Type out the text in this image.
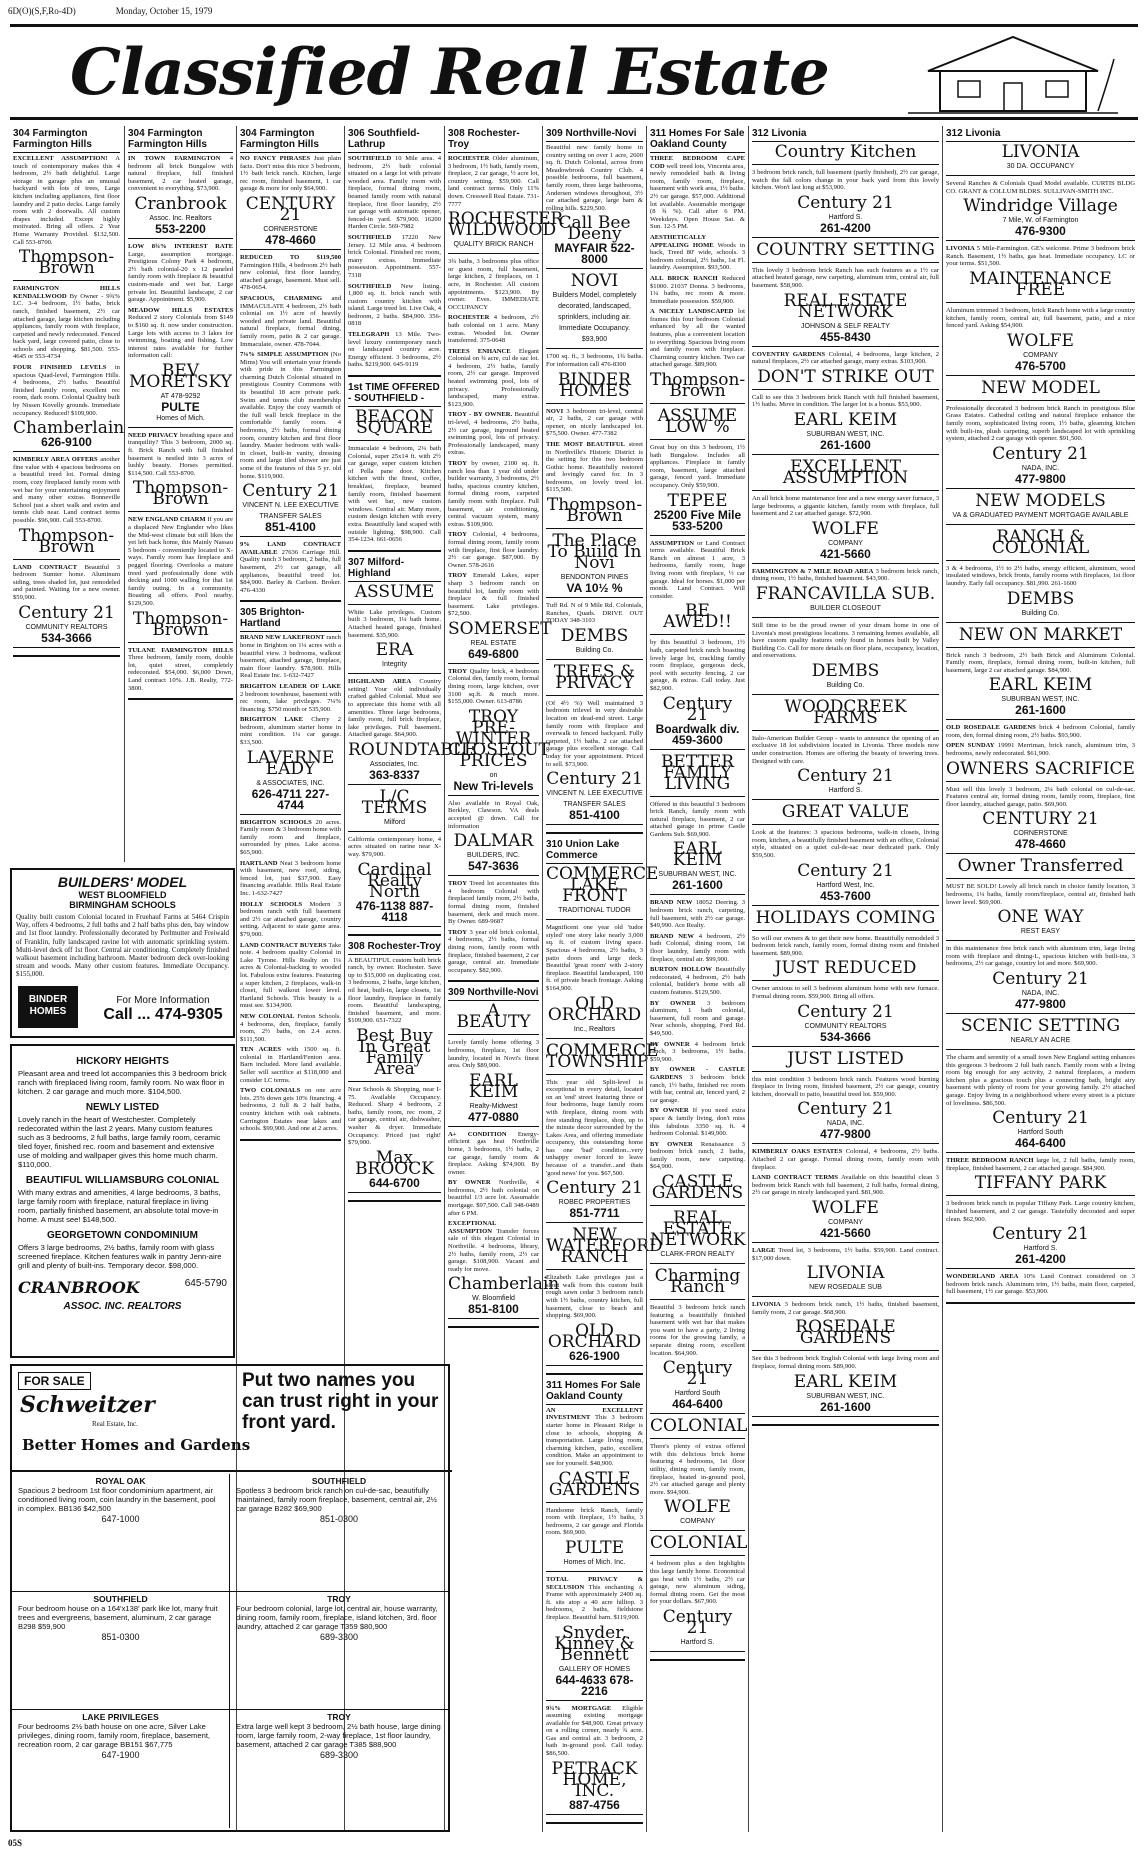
6D(O)(S,F,Ro-4D)	Monday, October 15, 1979
Classified Real Estate
304 Farmington
Farmington Hills
EXCELLENT ASSUMPTION! A touch of contemporary makes this 4 bedroom, 2½ bath delightful. Large storage in garage plus an unusual backyard with lots of trees, Large kitchen including appliances, first floor laundry and 2 patio decks. Large family room with 2 doorwalls. All custom drapes included. Except highly motivated. Bring all offers. 2 Year Home Warranty Provided. $132,500. Call 553-8700.
Thompson-Brown
FARMINGTON HILLS KENDALLWOOD By Owner - 9¾% LC. 3-4 bedroom, 1½ baths, brick ranch, finished basement, 2½ car attached garage, large kitchen including appliances, family room with fireplace, carpeted and newly redecorated. Fenced back yard, large covered patio, close to schools and shopping. $81,500. 553-4645 or 553-4734
FOUR FINISHED LEVELS in spacious Quad-level, Farmington Hills. 4 bedrooms, 2½ baths. Beautiful finished family room, excellent rec room, dark room. Colonial Quality built by Nissen Kovelly grounds. Immediate occupancy. Reduced! $109,900.
Chamberlain
626-9100
KIMBERLY AREA OFFERS another fine value with 4 spacious bedrooms on a beautiful treed lot. Formal dining room, cozy fireplaced family room with wet bar for your entertaining enjoyment and many other extras. Bonneville School just a short walk and swim and tennis club near. Land contract terms possible. $96,900. Call 553-8700.
Thompson-Brown
LAND CONTRACT Beautiful 3 bedroom Sumter home. Aluminum siding, trees shaded lot, just remodeled and painted. Waiting for a new owner. $59,900.
Century 21
COMMUNITY REALTORS
534-3666
304 Farmington
Farmington Hills
IN TOWN FARMINGTON 4 bedroom all brick Bungalow with natural fireplace, full finished basement, 2 car heated garage, convenient to everything. $73,900.
Cranbrook
Assoc. Inc. Realtors
553-2200
LOW 8¾% INTEREST RATE Large, assumption mortgage. Prestigious Colony Park 4 bedroom, 2½ bath colonial-20 x 12 paneled family room with fireplace & beautiful custom-made and wet bar. Large private lot. Beautiful landscape, 2 car garage. Appointment. $5,900.
MEADOW HILLS ESTATES Reduced 2 story Colonials from $149 to $160 sq. ft. now under construction. Large lots with access to 3 lakes for swimming, boating and fishing. Low interest rates available for further information call:
BEV MORETSKY
AT 478-9292
PULTE
Homes of Mich.
NEED PRIVACY breathing space and tranquility? This 3 bedroom, 2000 sq. ft. Brick Ranch with full finished basement is nestled into 3 acres of lushly beauty. Horses permitted. $114,500. Call 553-8700.
Thompson-Brown
NEW ENGLAND CHARM If you are a displaced New Englander who likes the Mid-west climate but still likes the yet left back home, this Mainly Nassau 5 bedroom - conveniently located to X-ways. Family room has fireplace and pegged flooring. Overlooks a mature treed yard professionally done with decking and 1000 walling for that 1st family outing. In a community. Boasting all offers. Pool nearby. $129,500.
Thompson-Brown
TULANE FARMINGTON HILLS Three bedroom, family room, double lot, quiet street, completely redecorated. $54,000. $6,000 Down, Land contract 10%. J.B. Realty, 772-3800.
304 Farmington
Farmington Hills
NO FANCY PHRASES Just plain facts. Don't miss this nice 3 bedroom, 1½ bath brick ranch. Kitchen, large rec room, finished basement, 1 car garage & more for only $64,900.
CENTURY 21
CORNERSTONE
478-4660
REDUCED TO $119,500 Farmington Hills, 4 bedroom 2½ bath new colonial, first floor laundry, attached garage, basement. Must sell. 478-0654.
SPACIOUS, CHARMING and IMMACULATE 4 bedroom, 2½ bath colonial on 1½ acre of heavily wooded and private land. Beautiful natural fireplace, formal dining, family room, patio & 2 car garage. Immaculate, owner. 478-7044.
7⅛% SIMPLE ASSUMPTION (No Mims) You will entertain your friends with pride in this Farmington charming Dutch Colonial situated in prestigious Country Commons with its beautiful 18 acre private park. Swim and tennis club membership available. Enjoy the cozy warmth of the full wall brick fireplace in the comfortable family room. 4 bedrooms, 2½ baths, formal dining room, country kitchen and first floor laundry. Master bedroom with walk-in closet, built-in vanity, dressing room and large tiled shower are just some of the features of this 5 yr. old home. $119,900.
Century 21
VINCENT N. LEE EXECUTIVE TRANSFER SALES
851-4100
9% LAND CONTRACT AVAILABLE 27636 Carriage Hill. Quality ranch 3 bedroom, 2 baths, full basement, 2½ car garage, all appliances, beautiful treed lot. $84,900. Barley & Carlson. Broker. 476-4330
305 Brighton-Hartland
BRAND NEW LAKEFRONT ranch home in Brighton on 1¼ acres with a beautiful view. 3 bedrooms, walkout basement, attached garage, fireplace, main floor laundry. $78,900. Hills Real Estate Inc. 1-632-7427
BRIGHTON LEADER OF LAKE 2 bedroom townhouse, basement with rec room, lake privileges. 7¼% financing. $750 month or 535,900.
BRIGHTON LAKE Cherry 2 bedroom, aluminum starter home in mint condition. 1¼ car garage. $33,500.
LAVERNE EADY
& ASSOCIATES, INC.
626-4711 227-4744
BRIGHTON SCHOOLS 20 acres. Family room & 3 bedroom home with family room and fireplace, surrounded by pines. Lake access. $65,900.
HARTLAND Neat 3 bedroom home with basement, new roof, siding, fenced lot, just $37,900. Easy financing available. Hills Real Estate Inc. 1-632-7427
HOLLY SCHOOLS Modern 3 bedroom ranch with full basement and 2½ car attached garage, country setting. Adjacent to state game area. $79,900.
LAND CONTRACT BUYERS Take note. 4 bedroom quality Colonial in Lake Tyrone. Hills Realty on 1¼ acres & Colonial-backing to wooded lot. Fabulous extra features. Featuring a super kitchen, 2 fireplaces, walk-in closet, full walkout lower level. Hartland Schools. This beauty is a must see. $134,900.
NEW COLONIAL Fenton Schools. 4 bedrooms, den, fireplace, family room, 2½ baths, on 2.4 acres. $111,500.
TEN ACRES with 1500 sq. ft. colonial in Hartland/Fenton area. Barn included. More land available. Seller will sacrifice at $118,000 and consider LC terms.
TWO COLONIALS on one acre lots. 25% down gets 10% financing. 4 bedrooms, 2 full & 2 half baths, country kitchen with oak cabinets. Carrington Estates near lakes and schools. $99,900. And one at 2 acres.
306 Southfield-Lathrup
SOUTHFIELD 10 Mile area. 4 bedroom, 2½ bath colonial situated on a large lot with private wooded area. Family room with fireplace, formal dining room, beamed family room with natural fireplace, first floor laundry, 2½ car garage with automatic opener, fenced-in yard. $79,900. 16200 Harden Circle. 569-7982
SOUTHFIELD 17220 New Jersey. 12 Mile area. 4 bedroom brick Colonial. Finished rec room, many extras. Immediate possession. Appointment. 557-7318
SOUTHFIELD New listing. 1,800 sq. ft. brick ranch with custom country kitchen with island. Large treed lot. Live Oak, 4 bedroom, 2 baths. $84,900. 356-0818
TELEGRAPH 13 Mile. Two-level luxury contemporary ranch on landscaped country acre. Energy efficient. 3 bedrooms, 2½ baths. $219,900. 645-9119
1st TIME OFFERED - SOUTHFIELD -
BEACON SQUARE
Immaculate 4 bedroom, 2¼ bath Colonial, super 25x14 ft. with 2½ car garage, super custom kitchen of Pella pane door. Kitchen kitchen with the finest, coffee, breakfast, fireplace, beamed family room, finished basement with wet bar, new custom windows. Central air. Many more, custom design kitchen with every extra. Beautifully land scaped with outside lighting. $98,900. Call 354-1234. 661-0656
307 Milford-Highland
ASSUME
White Lake privileges. Custom built 3 bedroom, 1¼ bath home. Attached heated garage, finished basement. $35,900.
ERA
Integrity
HIGHLAND AREA Country setting! Your old individually crafted gabled Colonial. Must see to appreciate this home with all amenities. Three large bedrooms, family room, full brick fireplace, lake privileges. Full basement. Attached garage. $64,900.
ROUNDTABLE
Associates, Inc.
363-8337
L/C TERMS
Milford
California contemporary home, 4 acres situated on rarine near X-way. $79,900.
Cardinal Realty North
476-1138 887-4118
308 Rochester-Troy
A BEAUTIFUL custom built brick ranch, by owner. Rochester. Save up to $15,000 on duplicating cost. 3 bedrooms, 2 baths, large kitchen, oil heat, built-in, large closets, 1st floor laundry, fireplace in family room. Beautiful landscaping, finished basement, and more. $109,900. 651-7322
Best Buy In Great Family Area
Near Schools & Shopping, near I-75. Available Occupancy. Reduced. Sharp 4 bedroom, 2 baths, family room, rec room, 2 car garage, central air, dishwasher, washer & dryer. Immediate Occupancy. Priced just right! $79,900.
Max BROOCK
644-6700
308 Rochester-Troy
ROCHESTER Older aluminum, 3 bedroom, 1½ bath, family room, fireplace, 2 car garage, ½ acre lot, country setting. $59,900. Call land contract terms. Only 11% down. Cresswell Real Estate. 731-7777
ROCHESTER WILDWOOD
QUALITY BRICK RANCH
3¾ baths, 3 bedrooms plus office or guest room, full basement, large kitchen, 2 fireplaces, on 1 acre, in Rochester. All custom appointments. $123,900. By owner. Eves. IMMEDIATE OCCUPANCY
ROCHESTER 4 bedroom, 2½ bath colonial on 1 acre. Many extras. Wooded lot. Owner transferred. 375-0648
TREES ENHANCE Elegant Colonial on ¾ acre, cul de sac lot. 4 bedroom, 2½ baths, family room, 2½ car garage. Improved heated swimming pool, lots of privacy. Professionally landscaped, many extras. $123,900.
TROY - BY OWNER. Beautiful tri-level, 4 bedrooms, 2½ baths, 2½ car garage, inground heated swimming pool, lots of privacy. Professionally landscaped, many extras.
TROY by owner, 2100 sq. ft. ranch less than 1 year old under builder warranty, 3 bedrooms, 2½ baths, spacious country kitchen, formal dining room, carpeted family room with fireplace. Full basement, air conditioning, central vacuum system, many extras. $109,900.
TROY Colonial, 4 bedrooms, formal dining room, family room with fireplace, first floor laundry. 2½ car garage. $87,900. By Owner. 578-2616
TROY Emerald Lakes, super sharp 3 bedroom ranch on beautiful lot, family room with fireplace & full finished basement. Lake privileges. $72,500.
SOMERSET
REAL ESTATE
649-6800
TROY Quality brick, 4 bedroom Colonial den, family room, formal dining room, large kitchen, over 3100 sq.ft. & much more. $155,000. Owner. 613-8786
TROY PRE-WINTER CLOSEOUT PRICES
on
New Tri-levels
Also available in Royal Oak, Berkley, Clawson. VA deals accepted @ down. Call for information
DALMAR
BUILDERS, INC.
547-3636
TROY Treed lot accentuates this 4 bedroom Colonial with fireplaced family room, 2½ baths, formal dining room, finished basement, deck and much more. By Owner. 689-9687
TROY 3 year old brick colonial, 4 bedrooms, 2½ baths, formal dining room, family room with fireplace, finished basement, 2 car garage, central air. Immediate occupancy. $82,900.
309 Northville-Novi
A BEAUTY
Lovely family home offering 3 bedrooms, fireplace, 1st floor laundry, located in Novi's finest area. Only $89,900.
EARL KEIM
Realty-Midwest
477-0880
A+ CONDITION Energy-efficient gas heat Northville home, 3 bedrooms, 1½ baths, 2 car garage, family room & fireplace. Asking $74,900. By owner.
BY OWNER Northville, 4 bedrooms, 2½ bath colonial on beautiful 1/3 acre lot. Assumable mortgage. $97,500. Call 348-0489 after 6 PM.
EXCEPTIONAL ASSUMPTION Transfer forces sale of this elegant Colonial in Northville. 4 bedrooms, library, 2½ baths, family room, 2½ car garage. $108,900. Vacant and ready for move.
Chamberlain
W. Bloomfield
851-8100
309 Northville-Novi
Beautiful new family home in country setting on over 1 acre, 2600 sq. ft. Dutch Colonial, across from Meadowbrook Country Club. 4 possible bedrooms, full basement, family room, three large bathrooms, Andersen windows throughout, 3½ car attached garage, large barn & rolling hills. $229,500.
Call Bee Deeny
MAYFAIR 522-8000
NOVI
Builders Model, completely decorated, landscaped, sprinklers, including air. Immediate Occupancy. $93,900
1700 sq. ft., 3 bedrooms, 1¾ baths. For information call 476-8300
BINDER HOMES
NOVI 3 bedroom tri-level, central air, 2 baths, 2 car garage with opener, on nicely landscaped lot. $75,500. Owner. 477-7382
THE MOST BEAUTIFUL street in Northville's Historic District is the setting for this two bedroom Gothic home. Beautifully restored and lovingly cared for. In 3 bedrooms, on lovely treed lot. $115,500.
Thompson-Brown
The Place To Build In Novi
BENDONTON PINES
VA 10½ %
Tuff Rd. N of 9 Mile Rd. Colonials, Ranches, Quads. DRIVE OUT TODAY 348-3103
DEMBS
Building Co.
TREES & PRIVACY
(Of 4½ %) Well maintained 3 bedroom trilevel in very desirable location on dead-end street. Large family room with fireplace and overwalk to fenced backyard. Fully carpeted, 1½ baths. 2 car attached garage plus excellent storage. Call today for your appointment. Priced to sell. $73,900.
Century 21
VINCENT N. LEE EXECUTIVE TRANSFER SALES
851-4100
310 Union Lake
Commerce
COMMERCE LAKE FRONT
TRADITIONAL TUDOR
Magnificent one year old 'tudor styled' one story lake nearly 3,000 sq. ft. of custom living space. Spacious 4 bedrooms, 2½ baths, 3 patio doors and large deck. Beautiful 'great room' with 2-story fireplace. Beautiful landscaped, 190 ft. of private beach frontage. Asking $164,900.
OLD ORCHARD
Inc., Realtors
COMMERCE TOWNSHIP
This year old Split-level is exceptional in every detail, located on an 'end' street featuring three or four bedrooms, huge family room with fireplace, dining room with free standing fireplace, shop, up to the minute decor surrounded by the Lakes Area, and offering immediate occupancy, this outstanding home has one 'bad' condition...very unhappy owner forced to leave because of a transfer...and thats 'good news' for you. $67,500.
Century 21
ROBEC PROPERTIES
851-7711
NEW WATERFORD RANCH
Elizabeth Lake privileges just a short walk from this custom built rough sawn cedar 3 bedroom ranch with 1½ baths, country kitchen, full basement, close to beach and shopping. $69,900.
OLD ORCHARD
626-1900
311 Homes For Sale
Oakland County
AN EXCELLENT INVESTMENT This 3 bedroom starter home in Pleasant Ridge is close to schools, shopping & transportation. Large living room, charming kitchen, patio, excellent condition. Make an appointment to see for yourself. $48,900.
CASTLE GARDENS
Handsome brick Ranch, family room with fireplace, 1½ baths, 3 bedrooms, 2 car garage and Florida room. $69,900.
PULTE
Homes of Mich. Inc.
TOTAL PRIVACY & SECLUSION This enchanting A Frame with approximately 2400 sq. ft. sits atop a 40 acre hilltop. 3 bedrooms, 2 baths, fieldstone fireplace. Beautiful barn. $119,900.
Snyder, Kinney & Bennett
GALLERY OF HOMES
644-4633 678-2216
9¾% MORTGAGE Eligible assuming existing mortgage available for $48,900. Great privacy on a rolling corner, nearly ¾ acre. Gas and central air. 3 bedroom, 2 bath in-ground pool. Call today. $86,500.
PETRACK HOME, INC.
887-4756
311 Homes For Sale
Oakland County
THREE BEDROOM CAPE COD well treed lots, Vincenta area, newly remodeled bath & living room, family room, fireplace, basement with work area, 1½ baths. 2½ car garage. $57,000. Additional lot available. Assumable mortgage (8 ¾ %). Call after 6 PM. Weekdays. Open House Sat. & Sun. 12-5 PM.
AESTHETICALLY APPEALING HOME Woods in back, Treed 80' wide, schools. 3 bedroom colonial, 2½ baths, 1st Fl. laundry. Assumption. $93,500.
ALL BRICK RANCH Reduced $1000. 21037 Donna. 3 bedrooms, 1¼ baths, rec room & more. Immediate possession. $59,900.
A NICELY LANDSCAPED lot frames this four bedroom Colonial enhanced by all the wanted features, plus a convenient location to everything. Spacious living room and family room with fireplace. Charming country kitchen. Two car attached garage. $89,900.
Thompson-Brown
ASSUME LOW %
Great buy on this 3 bedroom, 1½ bath Bungalow. Includes all appliances. Fireplace in family room, basement, large attached garage, fenced yard. Immediate occupancy. Only $59,900.
TEPEE
25200 Five Mile 533-5200
ASSUMPTION or Land Contract terms available. Beautiful Brick Ranch on almost 1 acre, 3 bedrooms, family room, huge living room with fireplace, ½ car garage. Ideal for horses. $1,000 per month. Land Contract. Will consider.
BE AWED!!
by this beautiful 3 bedroom, 1½ bath, carpeted brick ranch boasting lovely large lot, crackling family room fireplace, gorgeous deck, pool with security fencing, 2 car garage, & extras. Call today. Just $82,900.
Century 21
Boardwalk div. 459-3600
BETTER FAMILY LIVING
Offered in this beautiful 3 bedroom brick Ranch, family room with natural fireplace, basement, 2 car attached garage in prime Castle Gardens Sub. $69,900.
EARL KEIM
SUBURBAN WEST, INC.
261-1600
BRAND NEW 18052 Deering. 3 bedroom brick ranch, carpeting, full basement, with 2½ car garage. $49,990. Ace Realty.
BRAND NEW 4 bedroom, 2½ bath Colonial, dining room, 1st floor laundry, family room with fireplace, central air. $99,900.
BURTON HOLLOW Beautifully redecorated, 4 bedroom, 2½ bath colonial, builder's home with all custom features. $129,500.
BY OWNER 3 bedroom aluminum, 1 bath colonial, basement, full room and garage. Near schools, shopping, Ford Rd. $49,500.
BY OWNER 4 bedroom brick ranch, 3 bedrooms, 1½ baths. $59,900.
BY OWNER - CASTLE GARDENS 3 bedroom brick ranch, 1½ baths, finished rec room with bar, central air, fenced yard, 2 car garage.
BY OWNER If you need extra space & family living, don't miss this fabulous 3350 sq. ft. 4 bedroom Colonial. $149,900.
BY OWNER Renaissance 3 bedroom brick ranch, 2 baths, family room, new carpeting. $64,900.
CASTLE GARDENS
REAL ESTATE NETWORK
CLARK-FRON REALTY
Charming Ranch
Beautiful 3 bedroom brick ranch featuring a beautifully finished basement with wet bar that makes you want to have a party, 2 living rooms for the growing family, a separate dining room, excellent location. $64,900.
Century 21
Hartford South
464-6400
COLONIAL
There's plenty of extras offered with this delicious brick home featuring 4 bedrooms, 1st floor utility, dining room, family room, fireplace, heated in-ground pool, 2½ car attached garage and plenty more. $94,900.
WOLFE
COMPANY
COLONIAL
4 bedroom plus a den highlights this large family home. Economical gas heat with 1½ baths, 2½ car garage, new aluminum siding, formal dining room. Get the most for your dollars. $67,900.
Century 21
Hartford S.
312 Livonia
Country Kitchen
3 bedroom brick ranch, full basement (partly finished), 2½ car garage, watch the fall colors change in your back yard from this lovely kitchen. Won't last long at $53,900.
Century 21
Hartford S.
261-4200
COUNTRY SETTING
This lovely 3 bedroom brick Ranch has such features as a 1½ car attached heated garage, new carpeting, aluminum trim, central air, full basement. $58,900.
REAL ESTATE NETWORK
JOHNSON & SELF REALTY
455-8430
COVENTRY GARDENS Colonial, 4 bedrooms, large kitchen, 2 natural fireplaces, 2½ car attached garage, many extras. $103,900.
DON'T STRIKE OUT
Call to see this 3 bedroom brick Ranch with full finished basement, 1½ baths. Move in condition. The larger lot is a bonus. $53,900.
EARL KEIM
SUBURBAN WEST, INC.
261-1600
EXCELLENT ASSUMPTION
An all brick home maintenance free and a new energy saver furnace, 3 large bedrooms, a gigantic kitchen, family room with fireplace, full basement and 2 car attached garage. $72,900.
WOLFE
COMPANY
421-5660
FARMINGTON & 7 MILE ROAD AREA 3 bedroom brick ranch, dining room, 1½ baths, finished basement. $43,900.
FRANCAVILLA SUB.
BUILDER CLOSEOUT
Still time to be the proud owner of your dream home in one of Livonia's most prestigious locations. 3 remaining homes available, all have custom quality features only found in homes built by Valley Building Co. Call for more details on floor plans, occupancy, location, and reservations.
DEMBS
Building Co.
WOODCREEK FARMS
Italo-American Builder Group - wants to announce the opening of an exclusive 18 lot subdivision located in Livonia. Three models now under construction. Homes are offering the beauty of towering trees. Designed with care.
Century 21
Hartford S.
GREAT VALUE
Look at the features: 3 spacious bedrooms, walk-in closets, living room, kitchen, a beautifully finished basement with an office, Colonial style, situated on a quiet cul-de-sac near dedicated park. Only $59,500.
Century 21
Hartford West, Inc.
453-7600
HOLIDAYS COMING
So will our owners & to get their new home. Beautifully remodeled 3 bedroom brick ranch, family room, formal dining room and finished basement. $89,900.
JUST REDUCED
Owner anxious to sell 3 bedroom aluminum home with new furnace. Formal dining room. $59,900. Bring all offers.
Century 21
COMMUNITY REALTORS
534-3666
JUST LISTED
this mint condition 3 bedroom brick ranch. Features wood burning fireplace in living room, finished basement, 2½ car garage, country kitchen, doorwall to patio, beautiful treed lot. $59,900.
Century 21
NADA, INC.
477-9800
KIMBERLY OAKS ESTATES Colonial, 4 bedrooms, 2½ baths. Attached 2 car garage. Formal dining room, family room with fireplace.
LAND CONTRACT TERMS Available on this beautiful clean 3 bedroom brick Ranch with full basement, 2 full baths, formal dining, 2½ car garage in nicely landscaped yard. $81,900.
WOLFE
COMPANY
421-5660
LARGE Treed lot, 3 bedrooms, 1½ baths. $59,900. Land contract. $17,000 down.
LIVONIA
NEW ROSEDALE SUB
LIVONIA 3 bedroom brick ranch, 1½ baths, finished basement, family room, 2 car garage. $68,900.
ROSEDALE GARDENS
See this 3 bedroom brick English Colonial with large living room and fireplace, formal dining room. $89,900.
EARL KEIM
SUBURBAN WEST, INC.
261-1600
312 Livonia
LIVONIA
30 DA. OCCUPANCY
Several Ranches & Colonials Quad Model available. CURTIS BLDG CO. GRANT & COLLUM BLDRS. SULLIVAN-SMITH INC.
Windridge Village
7 Mile, W. of Farmington
476-9300
LIVONIA 5 Mile-Farmington. GE's welcome. Prime 3 bedroom brick Ranch. Basement, 1½ baths, gas heat. Immediate occupancy. LC or your terms. $51,500.
MAINTENANCE FREE
Aluminum trimmed 3 bedroom, brick Ranch home with a large country kitchen, family room, central air, full basement, patio, and a nice fenced yard. Asking $54,900.
WOLFE
COMPANY
476-5700
NEW MODEL
Professionally decorated 3 bedroom brick Ranch in prestigious Blue Grass Estates. Cathedral ceiling and natural fireplace enhance the family room, sophisticated living room, 1½ baths, gleaming kitchen with built-ins, plush carpeting, superb landscaped lot with sprinkling system, attached 2 car garage with opener. $91,500.
Century 21
NADA, INC.
477-9800
NEW MODELS
VA & GRADUATED PAYMENT MORTGAGE AVAILABLE
RANCH & COLONIAL
3 & 4 bedrooms, 1½ to 2½ baths, energy efficient, aluminum, wood insulated windows, brick fronts, family rooms with fireplaces, 1st floor laundry. Early fall occupancy. $81,990. 261-1600
DEMBS
Building Co.
NEW ON MARKET
Brick ranch 3 bedroom, 2½ bath Brick and Aluminum Colonial. Family room, fireplace, formal dining room, built-in kitchen, full basement, large 2 car attached garage. $84,900.
EARL KEIM
SUBURBAN WEST, INC.
261-1600
OLD ROSEDALE GARDENS brick 4 bedroom Colonial, family room, den, formal dining room, 2½ baths. $93,900.
OPEN SUNDAY 19991 Merriman, brick ranch, aluminum trim, 3 bedrooms, newly redecorated. $61,900.
OWNERS SACRIFICE
Must sell this lovely 3 bedroom, 2¼ bath colonial on cul-de-sac. Features central air, formal dining room, family room, fireplace, first floor laundry, attached garage, patio. $69,900.
CENTURY 21
CORNERSTONE
478-4660
Owner Transferred
MUST BE SOLD! Lovely all brick ranch in choice family location, 3 bedrooms, 1¼ baths, family room/fireplace, central air, finished bath lower level. $69,900.
ONE WAY
REST EASY
in this maintenance free brick ranch with aluminum trim, large living room with fireplace and dining-L, spacious kitchen with built-ins, 3 bedrooms, 2½ car garage, country lot and more. $69,900.
Century 21
NADA, INC.
477-9800
SCENIC SETTING
NEARLY AN ACRE
The charm and serenity of a small town New England setting enhances this gorgeous 3 bedroom 2 full bath ranch. Family room with a living room big enough for any activity, 2 natural fireplaces, a modern kitchen plus a gracious touch plus a connecting bath, bright airy basement with plenty of room for your growing family. 2½ attached garage. Enjoy living in a neighborhood where every street is a picture of loveliness. $86,500.
Century 21
Hartford South
464-6400
THREE BEDROOM RANCH large lot, 2 full baths, family room, fireplace, finished basement, 2 car attached garage. $84,900.
TIFFANY PARK
3 bedroom brick ranch in popular Tiffany Park. Large country kitchen, finished basement, and 2 car garage. Tastefully decorated and super clean. $62,900.
Century 21
Hartford S.
261-4200
WONDERLAND AREA 10% Land Contract considered on 3 bedroom brick ranch. Aluminum trim, 1½ baths, main floor, carpeted, full basement, 1½ car garage. $53,900.
BUILDERS' MODEL
WEST BLOOMFIELD
BIRMINGHAM SCHOOLS
Quality built custom Colonial located in Fruehauf Farms at 5464 Crispin Way, offers 4 bedrooms, 2 full baths and 2 half baths plus den, bay window and 1st floor laundry. Professionally decorated by Perlmutter and Freiwald of Franklin, fully landscaped ravine lot with automatic sprinkling system. Multi-level deck off 1st floor. Central air conditioning. Completely finished walkout basement including bathroom. Master bedroom deck over-looking stream and woods. Many other custom features. Immediate Occupancy. $155,000.
BINDER HOMES
For More Information
Call ... 474-9305
HICKORY HEIGHTS

Pleasant area and treed lot accompanies this 3 bedroom brick ranch with fireplaced living room, family room. No wax floor in kitchen. 2 car garage and much more. $104,500.

NEWLY LISTED

Lovely ranch in the heart of Westchester. Completely redecorated within the last 2 years. Many custom features such as 3 bedrooms, 2 full baths, large family room, ceramic tiled foyer, finished rec. room and basement and extensive use of molding and wallpaper gives this home much charm. $110,000.

BEAUTIFUL WILLIAMSBURG COLONIAL

With many extras and amenities, 4 large bedrooms, 3 baths, large family room with fireplace, natural fireplace in living room, partially finished basement, an absolute total move-in home. A must see! $148,500.

GEORGETOWN CONDOMINIUM

Offers 3 large bedrooms, 2½ baths, family room with glass screened fireplace. Kitchen features walk in pantry Jenn-aire grill and plenty of built-ins. Temporary decor. $98,000.

CRANBROOK	645-5790
ASSOC. INC. REALTORS
FOR SALE
Schweitzer
Real Estate, Inc.
Better Homes and Gardens
Put two names you can trust right in your front yard.
ROYAL OAK
Spacious 2 bedroom 1st floor condominium apartment, air conditioned living room, coin laundry in the basement, pool in complex. BB136 $42,500
647-1000
SOUTHFIELD
Spotless 3 bedroom brick ranch on cul-de-sac, beautifully maintained, family room fireplace, basement, central air, 2½ car garage B282 $69,900
851-0300
SOUTHFIELD
Four bedroom house on a 164'x138' park like lot, many fruit trees and evergreens, basement, aluminum, 2 car garage B298 $59,900
851-0300
TROY
Four bedroom colonial, large lot, central air, house warranty, dining room, family room, fireplace, island kitchen, 3rd. floor laundry, attached 2 car garage T359 $80,900
689-3300
LAKE PRIVILEGES
Four bedrooms 2½ bath house on one acre, Silver Lake privileges, dining room, family room, fireplace, basement, recreation room, 2 car garage BB151 $67,775
647-1900
TROY
Extra large well kept 3 bedroom, 2½ bath house, large dining room, large family room, 2-way fireplace, 1st floor laundry, basement, attached 2 car garage T385 $88,900
689-3300
05S
